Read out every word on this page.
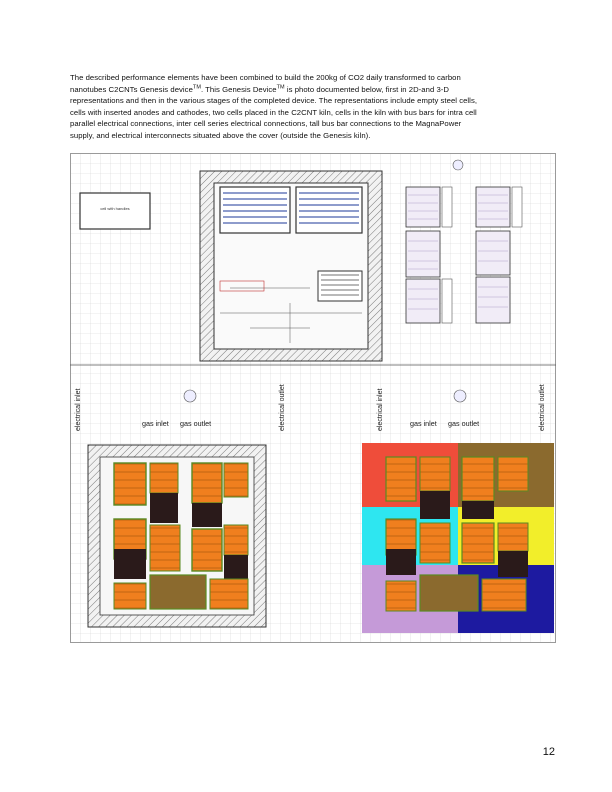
The described performance elements have been combined to build the 200kg of CO2 daily transformed to carbon
nanotubes C2CNTs Genesis device™. This Genesis Device™ is photo documented below, first in 2D-and 3-D
representations and then in the various stages of the completed device. The representations include empty steel cells,
cells with inserted anodes and cathodes, two cells placed in the C2CNT kiln, cells in the kiln with bus bars for intra cell
parallel electrical connections, inter cell series electrical connections, tall bus bar connections to the MagnaPower
supply, and electrical interconnects situated above the cover (outside the Genesis kiln).
cell with handles
electrical inlet	electrical outlet
gas inlet gas outlet	electrical inlet	electrical outlet
gas inlet gas outlet
12
